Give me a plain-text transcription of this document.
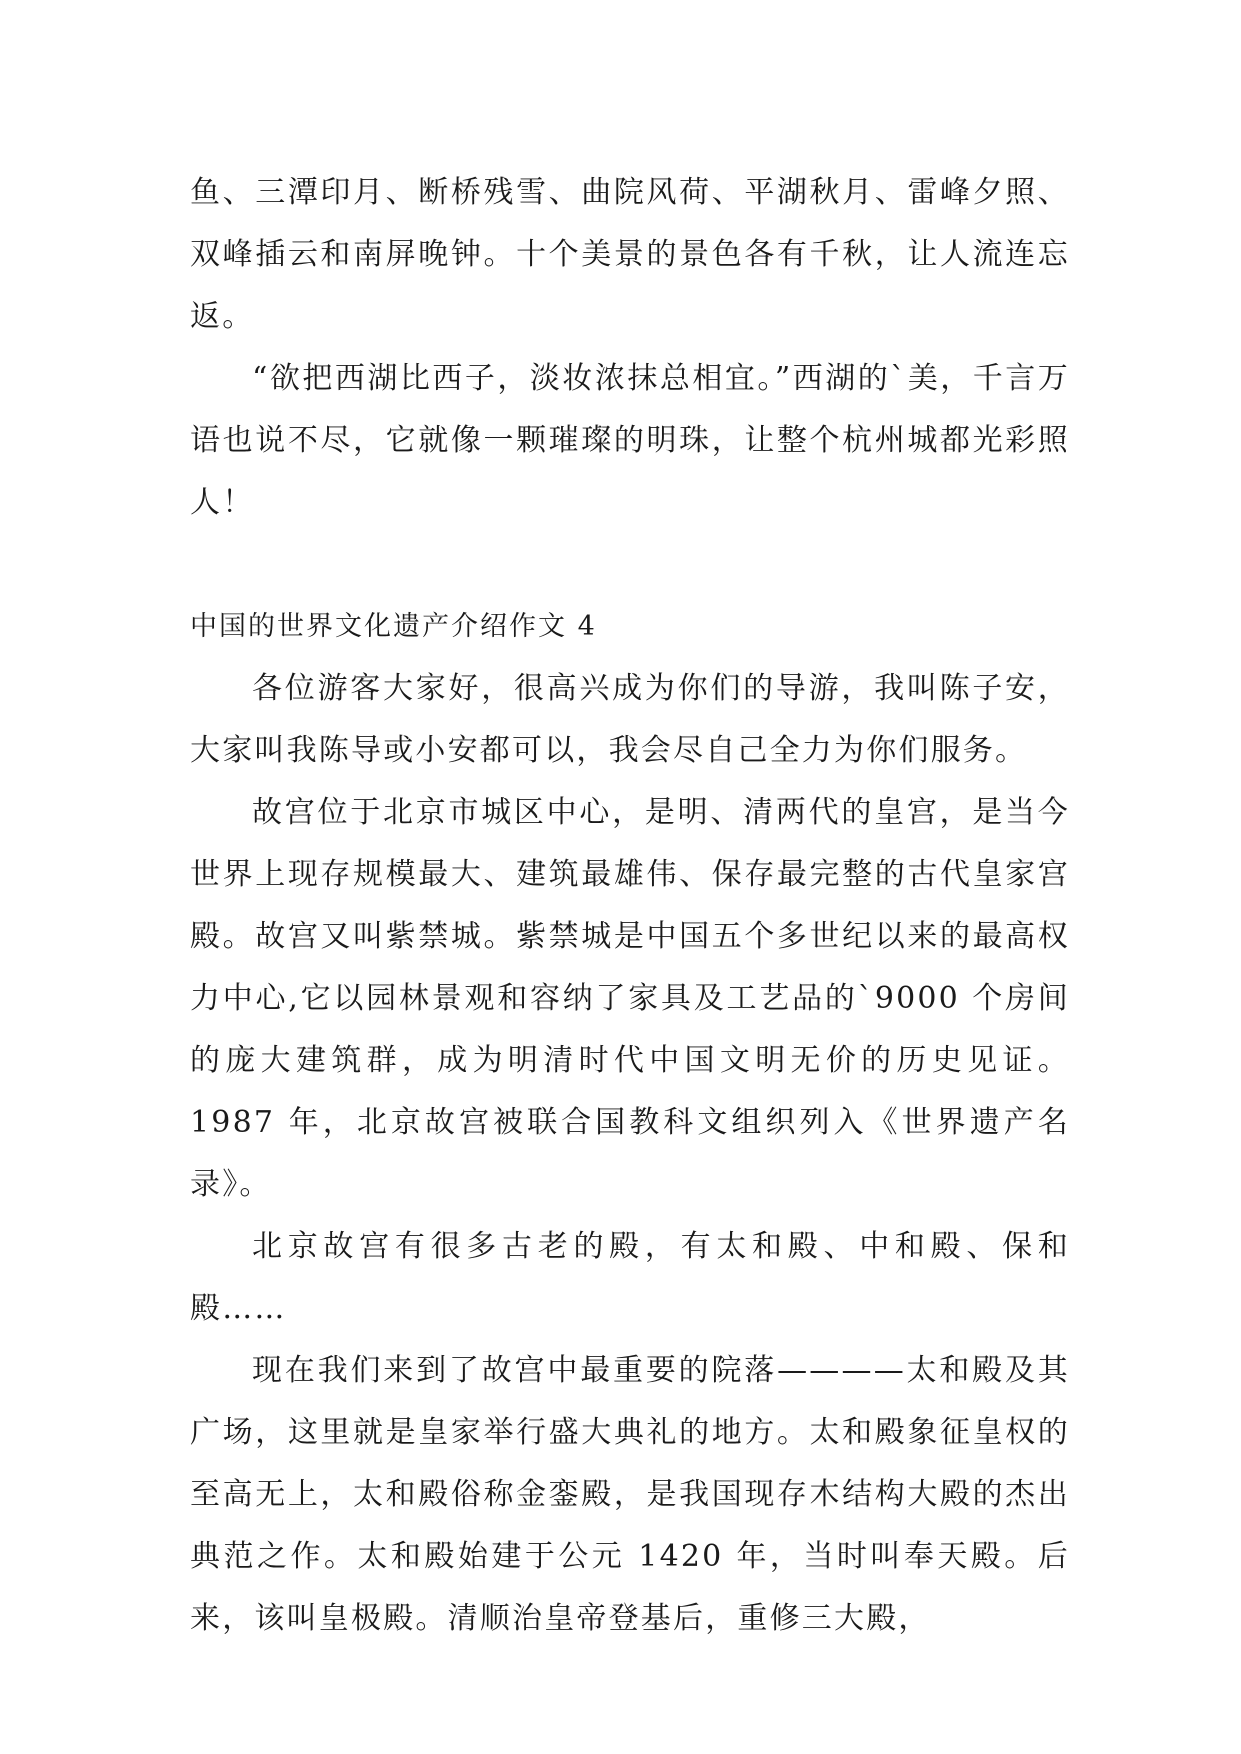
鱼、三潭印月、断桥残雪、曲院风荷、平湖秋月、雷峰夕照、双峰插云和南屏晚钟。十个美景的景色各有千秋，让人流连忘返。

“欲把西湖比西子，淡妆浓抹总相宜。”西湖的`美，千言万语也说不尽，它就像一颗璀璨的明珠，让整个杭州城都光彩照人！

中国的世界文化遗产介绍作文 4

各位游客大家好，很高兴成为你们的导游，我叫陈子安，大家叫我陈导或小安都可以，我会尽自己全力为你们服务。

故宫位于北京市城区中心，是明、清两代的皇宫，是当今世界上现存规模最大、建筑最雄伟、保存最完整的古代皇家宫殿。故宫又叫紫禁城。紫禁城是中国五个多世纪以来的最高权力中心,它以园林景观和容纳了家具及工艺品的`9000 个房间的庞大建筑群，成为明清时代中国文明无价的历史见证。1987 年，北京故宫被联合国教科文组织列入《世界遗产名录》。

北京故宫有很多古老的殿，有太和殿、中和殿、保和殿……

现在我们来到了故宫中最重要的院落————太和殿及其广场，这里就是皇家举行盛大典礼的地方。太和殿象征皇权的至高无上，太和殿俗称金銮殿，是我国现存木结构大殿的杰出典范之作。太和殿始建于公元 1420 年，当时叫奉天殿。后来，该叫皇极殿。清顺治皇帝登基后，重修三大殿，
